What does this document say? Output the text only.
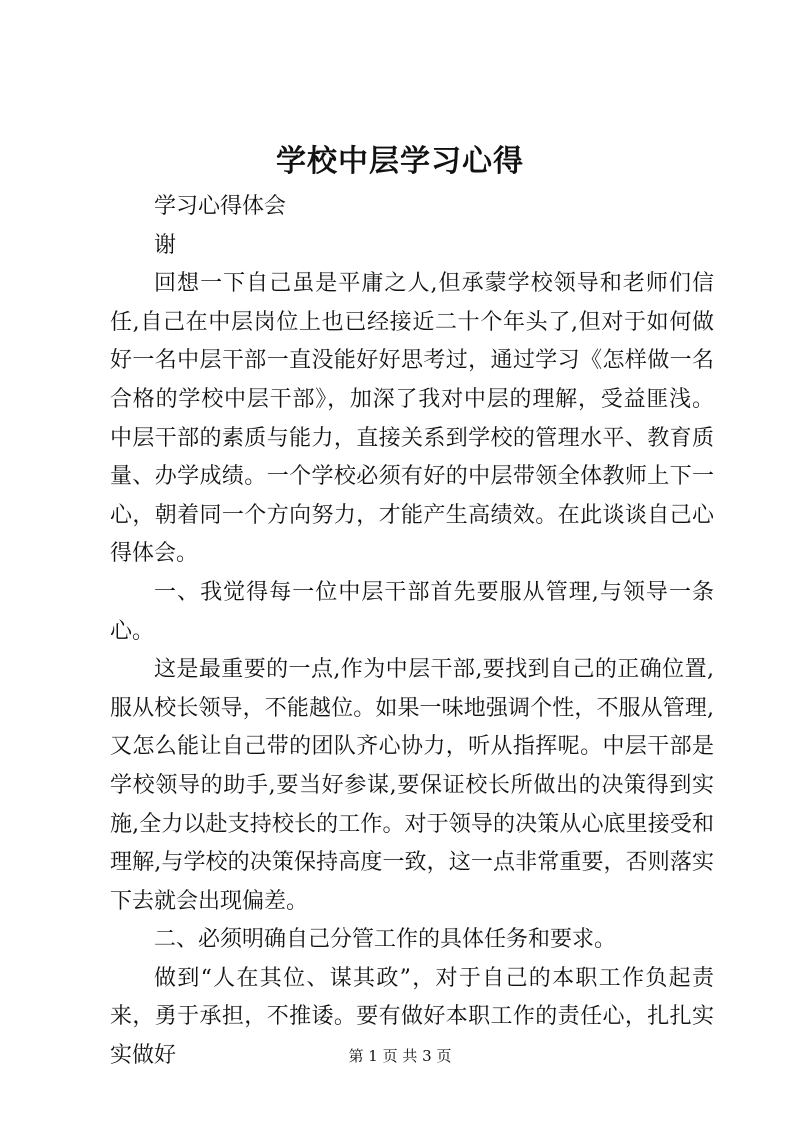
学校中层学习心得

学习心得体会

谢

回想一下自己虽是平庸之人,但承蒙学校领导和老师们信任,自己在中层岗位上也已经接近二十个年头了,但对于如何做好一名中层干部一直没能好好思考过，通过学习《怎样做一名合格的学校中层干部》，加深了我对中层的理解，受益匪浅。中层干部的素质与能力，直接关系到学校的管理水平、教育质量、办学成绩。一个学校必须有好的中层带领全体教师上下一心，朝着同一个方向努力，才能产生高绩效。在此谈谈自己心得体会。

一、我觉得每一位中层干部首先要服从管理,与领导一条心。

这是最重要的一点,作为中层干部,要找到自己的正确位置,服从校长领导，不能越位。如果一味地强调个性，不服从管理,又怎么能让自己带的团队齐心协力，听从指挥呢。中层干部是学校领导的助手,要当好参谋,要保证校长所做出的决策得到实施,全力以赴支持校长的工作。对于领导的决策从心底里接受和理解,与学校的决策保持高度一致，这一点非常重要，否则落实下去就会出现偏差。

二、必须明确自己分管工作的具体任务和要求。

做到“人在其位、谋其政”，对于自己的本职工作负起责来，勇于承担，不推诿。要有做好本职工作的责任心，扎扎实实做好	第 1 页 共 3 页
